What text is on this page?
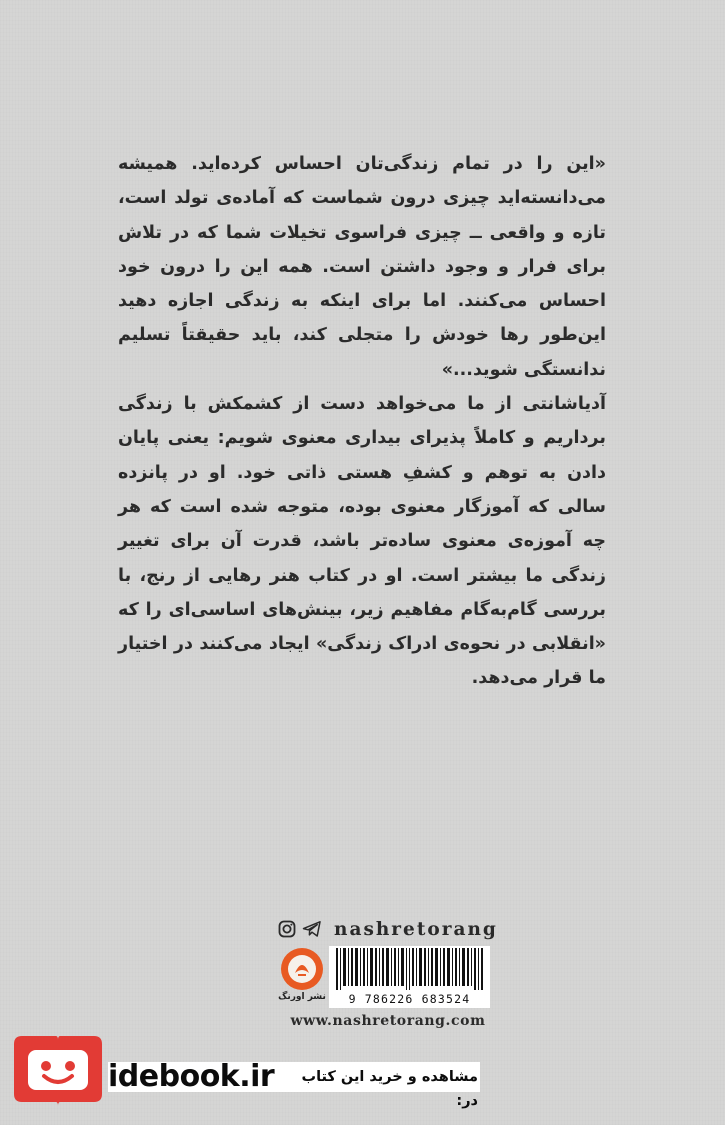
«این را در تمام زندگی‌تان احساس کرده‌اید. همیشه می‌دانسته‌اید چیزی درون شماست که آماده‌ی تولد است، تازه و واقعی ــ چیزی فراسوی تخیلات شما که در تلاش برای فرار و وجود داشتن است. همه این را درون خود احساس می‌کنند. اما برای اینکه به زندگی اجازه دهید این‌طور رها خودش را متجلی کند، باید حقیقتاً تسلیم ندانستگی شوید...»

آدیاشانتی از ما می‌خواهد دست از کشمکش با زندگی برداریم و کاملاً پذیرای بیداری معنوی شویم: یعنی پایان دادن به توهم و کشفِ هستی ذاتی خود. او در پانزده سالی که آموزگار معنوی بوده، متوجه شده است که هر چه آموزه‌ی معنوی ساده‌تر باشد، قدرت آن برای تغییر زندگی ما بیشتر است. او در کتاب هنر رهایی از رنج، با بررسی گام‌به‌گام مفاهیم زیر، بینش‌های اساسی‌ای را که «انقلابی در نحوه‌ی ادراک زندگی» ایجاد می‌کنند در اختیار ما قرار می‌دهد.

nashretorang
نشر اورنگ	9 786226 683524
www.nashretorang.com
idebook.ir	مشاهده و خرید این کتاب در:
